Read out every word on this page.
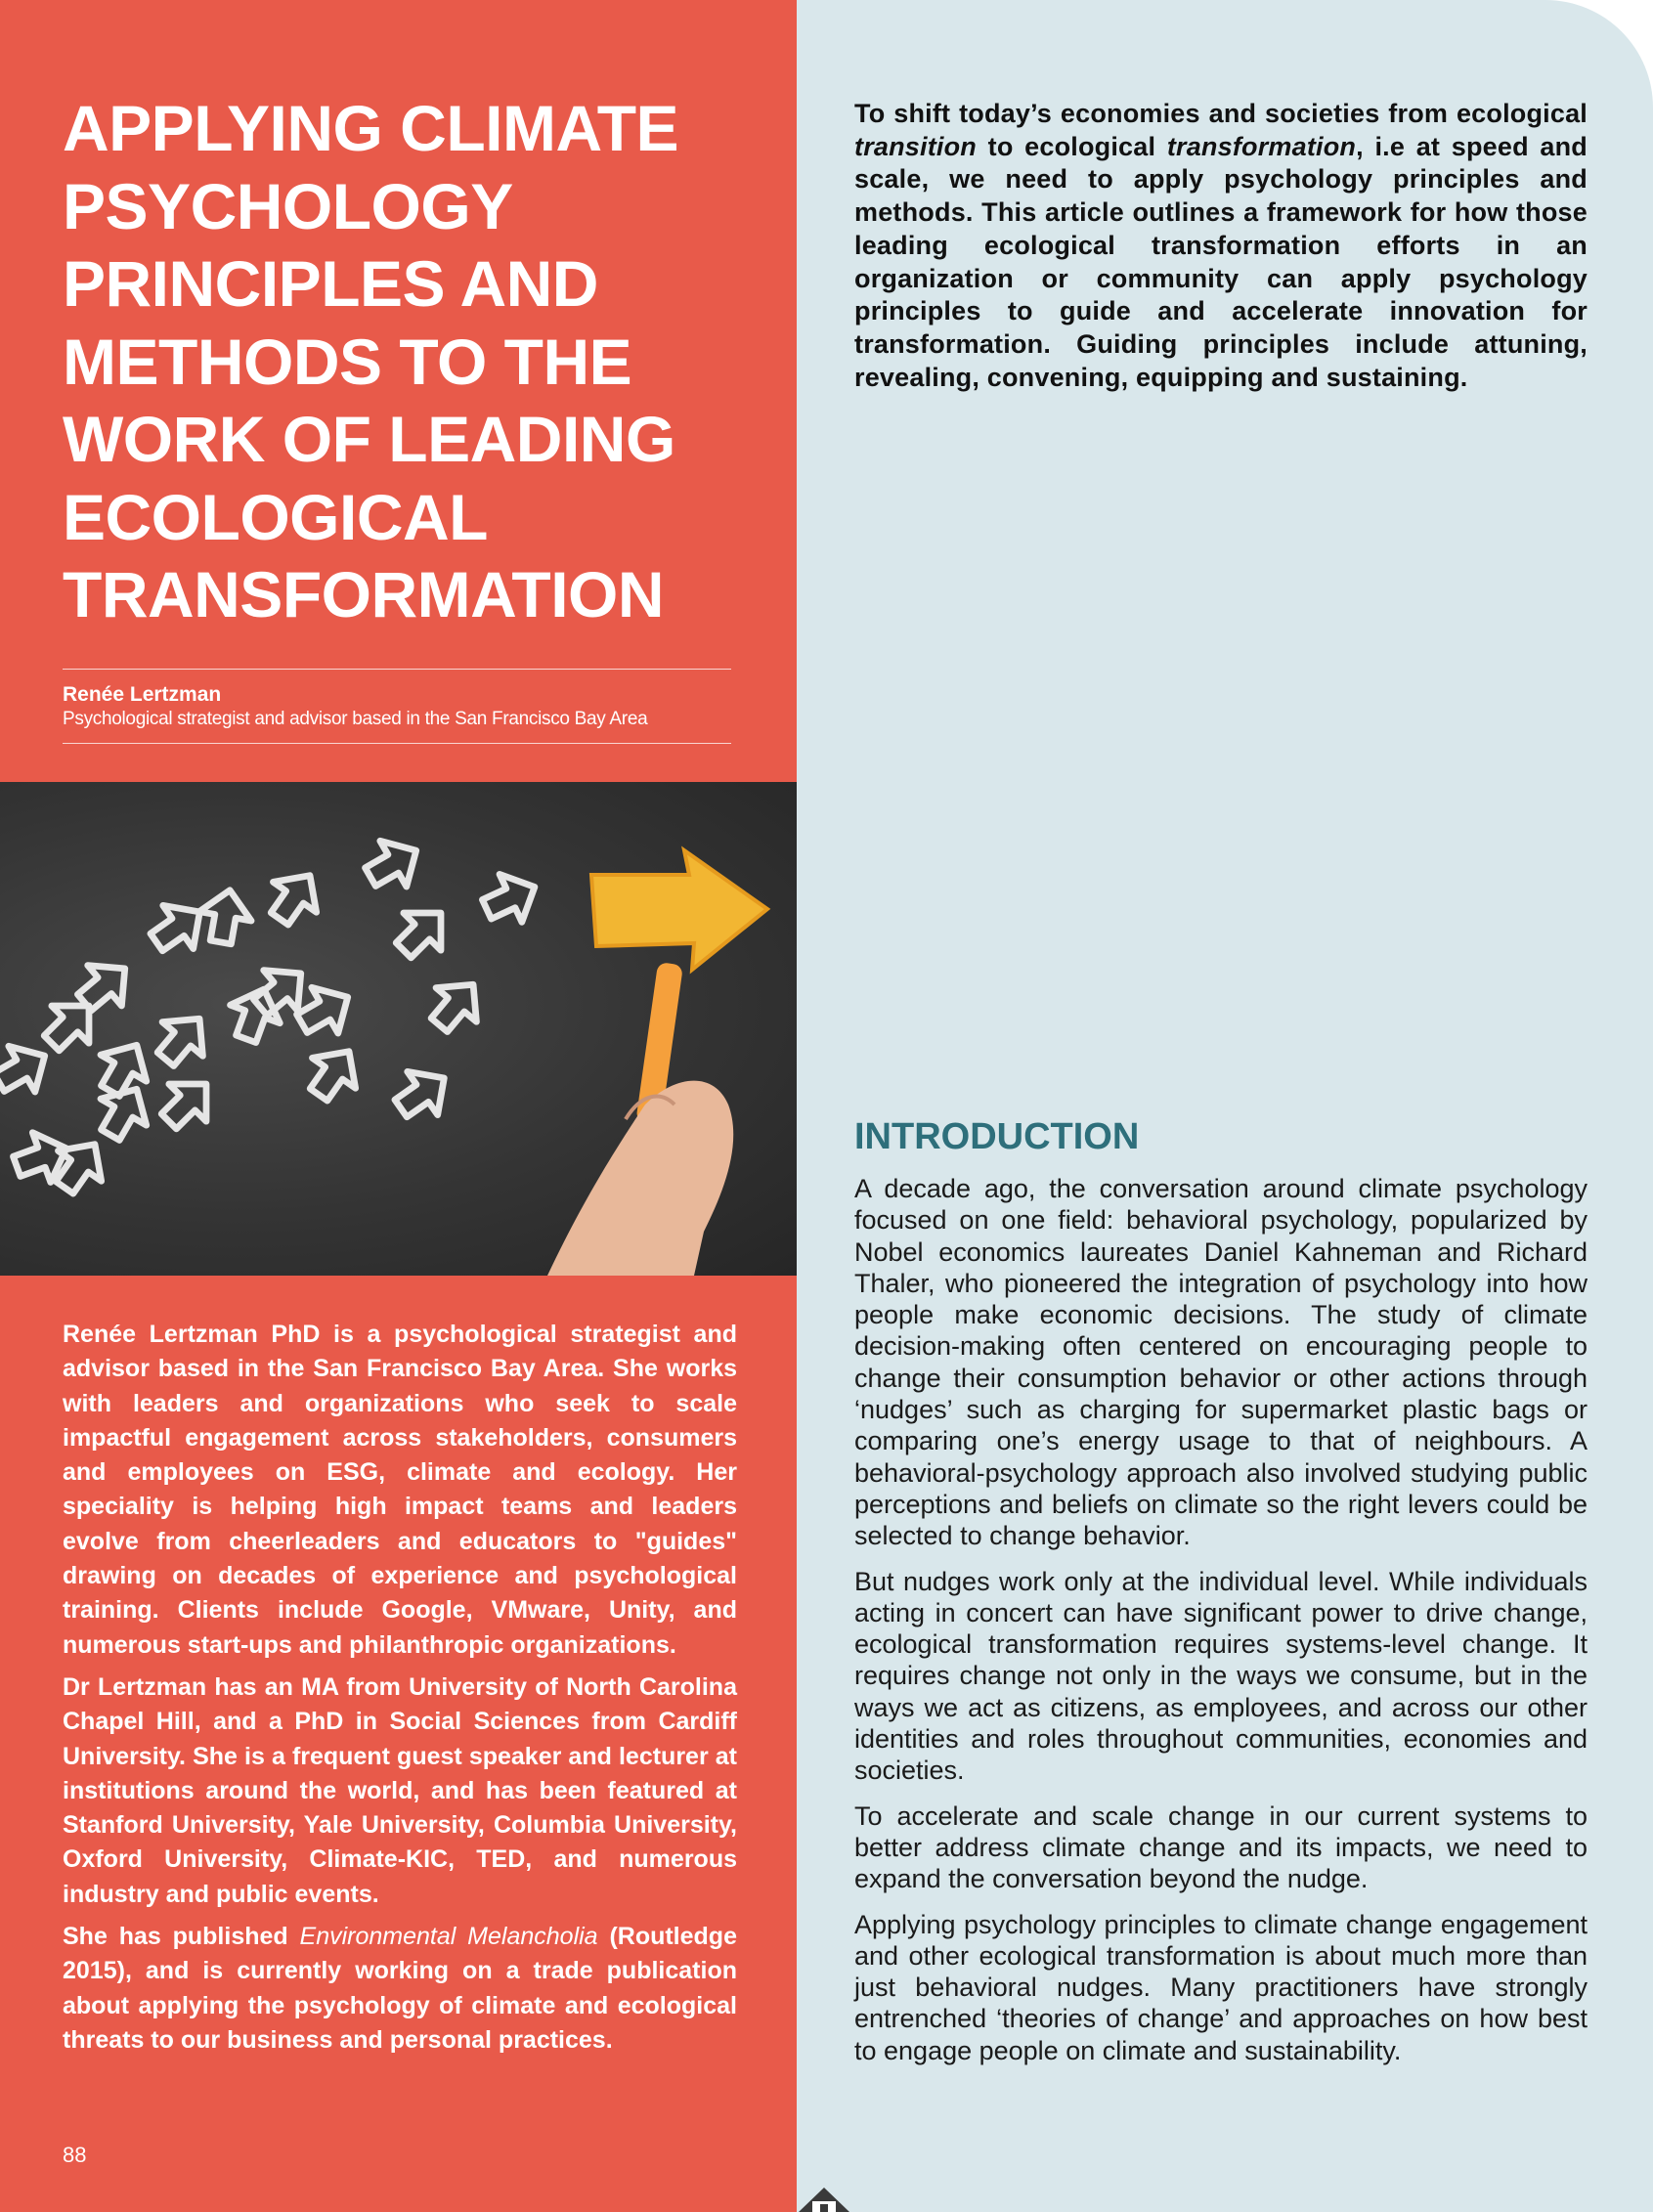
APPLYING CLIMATE PSYCHOLOGY PRINCIPLES AND METHODS TO THE WORK OF LEADING ECOLOGICAL TRANSFORMATION
Renée Lertzman
Psychological strategist and advisor based in the San Francisco Bay Area

Renée Lertzman PhD is a psychological strategist and advisor based in the San Francisco Bay Area. She works with leaders and organizations who seek to scale impactful engagement across stakeholders, consumers and employees on ESG, climate and ecology. Her speciality is helping high impact teams and leaders evolve from cheerleaders and educators to "guides" drawing on decades of experience and psychological training. Clients include Google, VMware, Unity, and numerous start-ups and philanthropic organizations.

Dr Lertzman has an MA from University of North Carolina Chapel Hill, and a PhD in Social Sciences from Cardiff University. She is a frequent guest speaker and lecturer at institutions around the world, and has been featured at Stanford University, Yale University, Columbia University, Oxford University, Climate-KIC, TED, and numerous industry and public events.

She has published Environmental Melancholia (Routledge 2015), and is currently working on a trade publication about applying the psychology of climate and ecological threats to our business and personal practices.

88

To shift today’s economies and societies from ecological transition to ecological transformation, i.e at speed and scale, we need to apply psychology principles and methods. This article outlines a framework for how those leading ecological transformation efforts in an organization or community can apply psychology principles to guide and accelerate innovation for transformation. Guiding principles include attuning, revealing, convening, equipping and sustaining.

INTRODUCTION

A decade ago, the conversation around climate psychology focused on one field: behavioral psychology, popularized by Nobel economics laureates Daniel Kahneman and Richard Thaler, who pioneered the integration of psychology into how people make economic decisions. The study of climate decision-making often centered on encouraging people to change their consumption behavior or other actions through ‘nudges’ such as charging for supermarket plastic bags or comparing one’s energy usage to that of neighbours. A behavioral-psychology approach also involved studying public perceptions and beliefs on climate so the right levers could be selected to change behavior.

But nudges work only at the individual level. While individuals acting in concert can have significant power to drive change, ecological transformation requires systems-level change. It requires change not only in the ways we consume, but in the ways we act as citizens, as employees, and across our other identities and roles throughout communities, economies and societies.

To accelerate and scale change in our current systems to better address climate change and its impacts, we need to expand the conversation beyond the nudge.

Applying psychology principles to climate change engagement and other ecological transformation is about much more than just behavioral nudges. Many practitioners have strongly entrenched ‘theories of change’ and approaches on how best to engage people on climate and sustainability.
